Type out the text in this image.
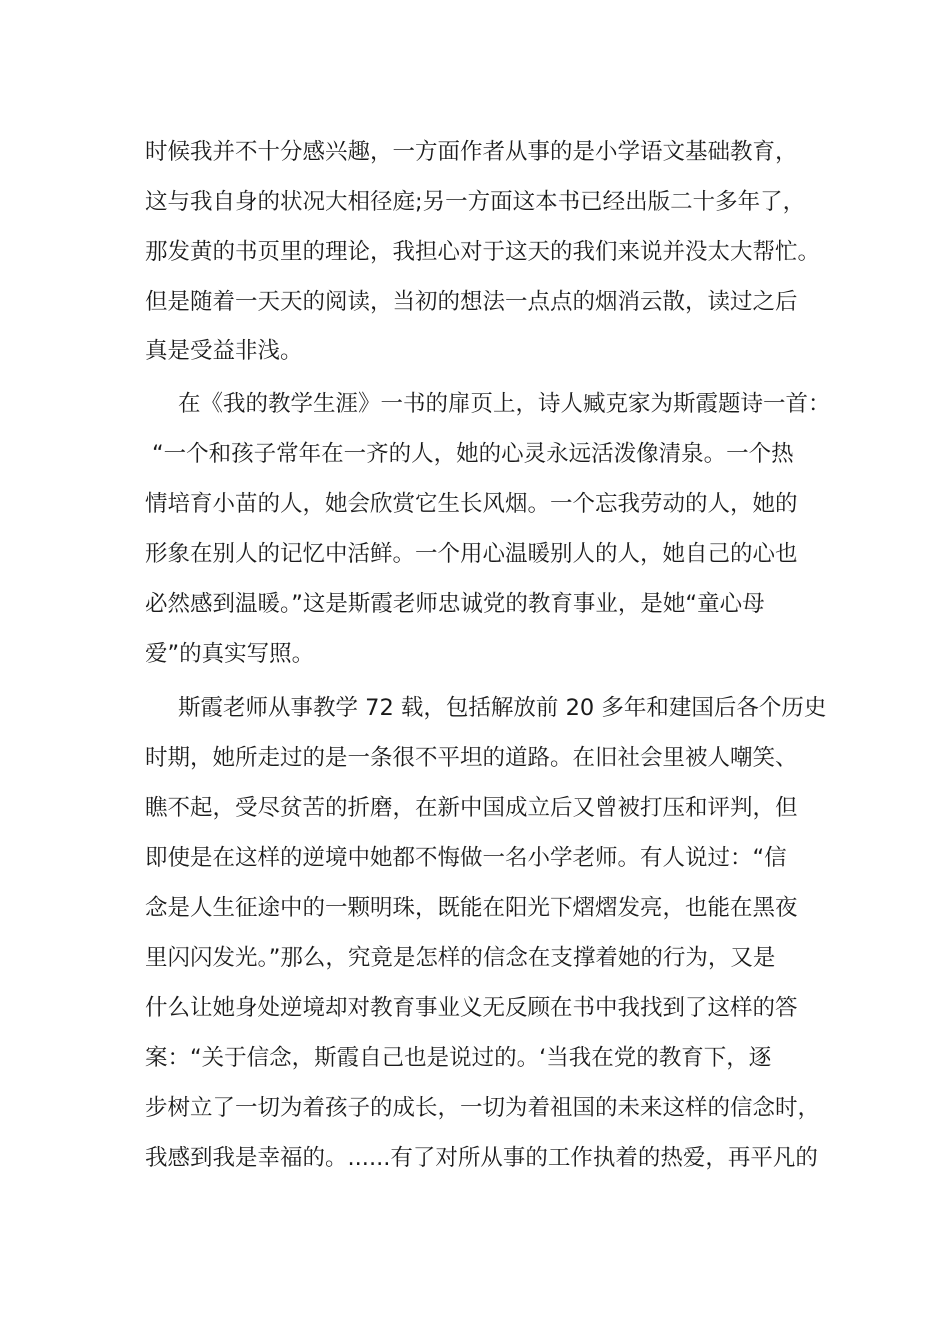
时候我并不十分感兴趣，一方面作者从事的是小学语文基础教育，
这与我自身的状况大相径庭;另一方面这本书已经出版二十多年了，
那发黄的书页里的理论，我担心对于这天的我们来说并没太大帮忙。
但是随着一天天的阅读，当初的想法一点点的烟消云散，读过之后
真是受益非浅。
在《我的教学生涯》一书的扉页上，诗人臧克家为斯霞题诗一首：
“一个和孩子常年在一齐的人，她的心灵永远活泼像清泉。一个热
情培育小苗的人，她会欣赏它生长风烟。一个忘我劳动的人，她的
形象在别人的记忆中活鲜。一个用心温暖别人的人，她自己的心也
必然感到温暖。”这是斯霞老师忠诚党的教育事业，是她“童心母
爱”的真实写照。
斯霞老师从事教学 72 载，包括解放前 20 多年和建国后各个历史
时期，她所走过的是一条很不平坦的道路。在旧社会里被人嘲笑、
瞧不起，受尽贫苦的折磨，在新中国成立后又曾被打压和评判，但
即使是在这样的逆境中她都不悔做一名小学老师。有人说过：“信
念是人生征途中的一颗明珠，既能在阳光下熠熠发亮，也能在黑夜
里闪闪发光。”那么，究竟是怎样的信念在支撑着她的行为，又是
什么让她身处逆境却对教育事业义无反顾在书中我找到了这样的答
案：“关于信念，斯霞自己也是说过的。‘当我在党的教育下，逐
步树立了一切为着孩子的成长，一切为着祖国的未来这样的信念时，
我感到我是幸福的。......有了对所从事的工作执着的热爱，再平凡的
